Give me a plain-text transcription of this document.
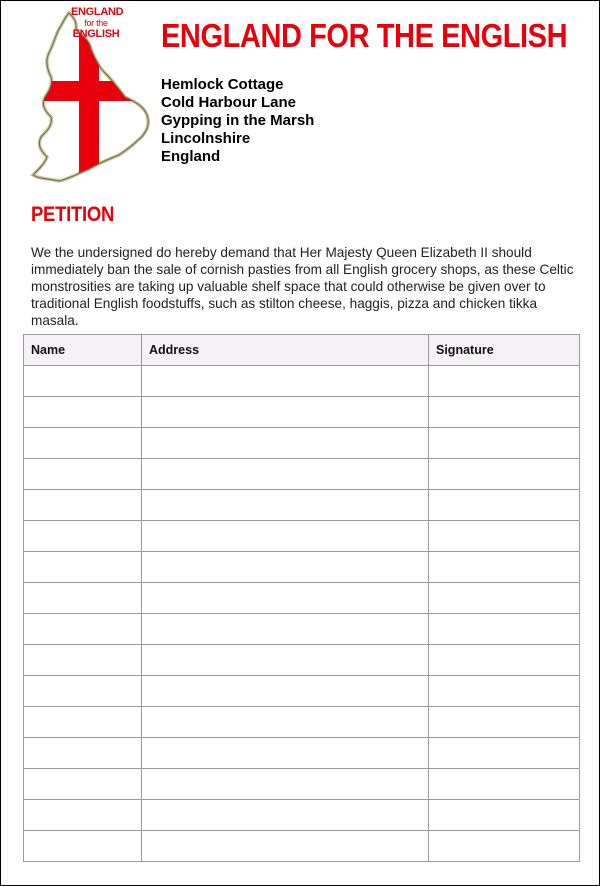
ENGLAND
for the
ENGLISH ENGLAND FOR THE ENGLISH
Hemlock Cottage
Cold Harbour Lane
Gypping in the Marsh
Lincolnshire
England
PETITION

We the undersigned do hereby demand that Her Majesty Queen Elizabeth II should immediately ban the sale of cornish pasties from all English grocery shops, as these Celtic monstrosities are taking up valuable shelf space that could otherwise be given over to traditional English foodstuffs, such as stilton cheese, haggis, pizza and chicken tikka masala.

Name	Address	Signature
